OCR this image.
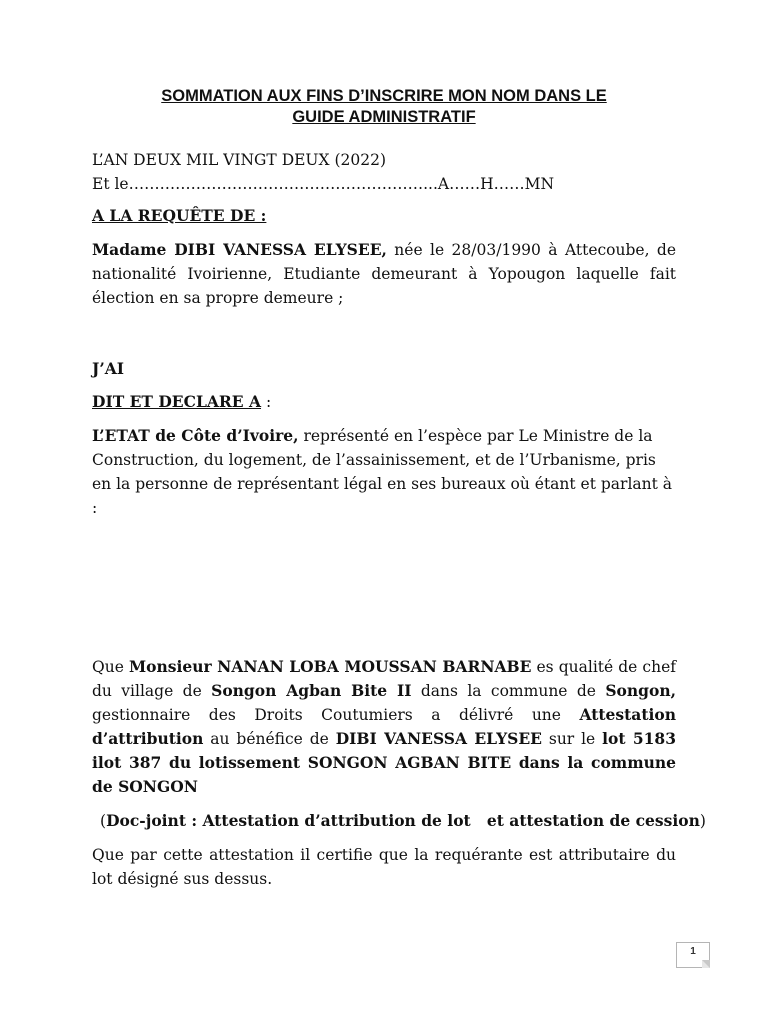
SOMMATION AUX FINS D’INSCRIRE MON NOM DANS LE
GUIDE ADMINISTRATIF

L’AN DEUX MIL VINGT DEUX (2022)

Et le…………………………………………………...A……H……MN

A LA REQUÊTE DE :

Madame DIBI VANESSA ELYSEE, née le 28/03/1990 à Attecoube, de nationalité Ivoirienne, Etudiante demeurant à Yopougon laquelle fait élection en sa propre demeure ;

J’AI

DIT ET DECLARE A :

L’ETAT de Côte d’Ivoire, représenté en l’espèce par Le Ministre de la Construction, du logement, de l’assainissement, et de l’Urbanisme, pris en la personne de représentant légal en ses bureaux où étant et parlant à :

Que Monsieur NANAN LOBA MOUSSAN BARNABE es qualité de chef du village de Songon Agban Bite II dans la commune de Songon, gestionnaire des Droits Coutumiers a délivré une Attestation d’attribution au bénéfice de DIBI VANESSA ELYSEE sur le lot 5183 ilot 387 du lotissement SONGON AGBAN BITE dans la commune de SONGON

(Doc-joint : Attestation d’attribution de lot   et attestation de cession)

Que par cette attestation il certifie que la requérante est attributaire du lot désigné sus dessus.

1
